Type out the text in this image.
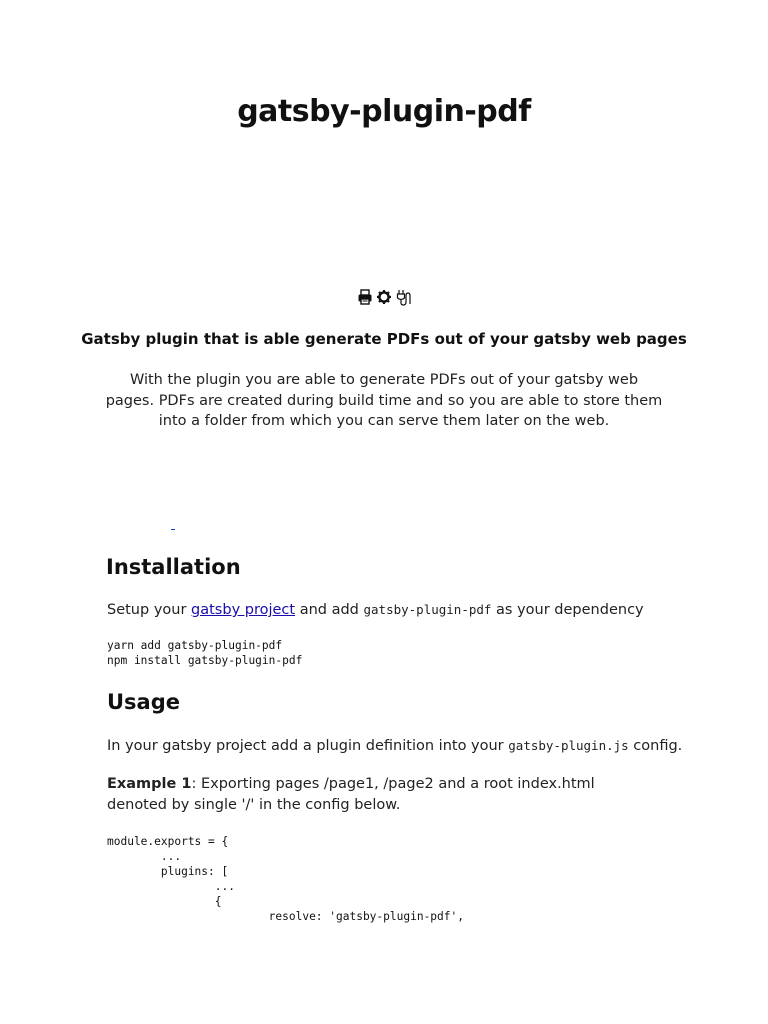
gatsby-plugin-pdf

Gatsby plugin that is able generate PDFs out of your gatsby web pages

With the plugin you are able to generate PDFs out of your gatsby web pages. PDFs are created during build time and so you are able to store them into a folder from which you can serve them later on the web.

Installation

Setup your gatsby project and add gatsby-plugin-pdf as your dependency

yarn add gatsby-plugin-pdf
npm install gatsby-plugin-pdf
Usage

In your gatsby project add a plugin definition into your gatsby-plugin.js config.

Example 1: Exporting pages /page1, /page2 and a root index.html denoted by single '/' in the config below.

module.exports = {
...
plugins: [
...
{
resolve: 'gatsby-plugin-pdf',
